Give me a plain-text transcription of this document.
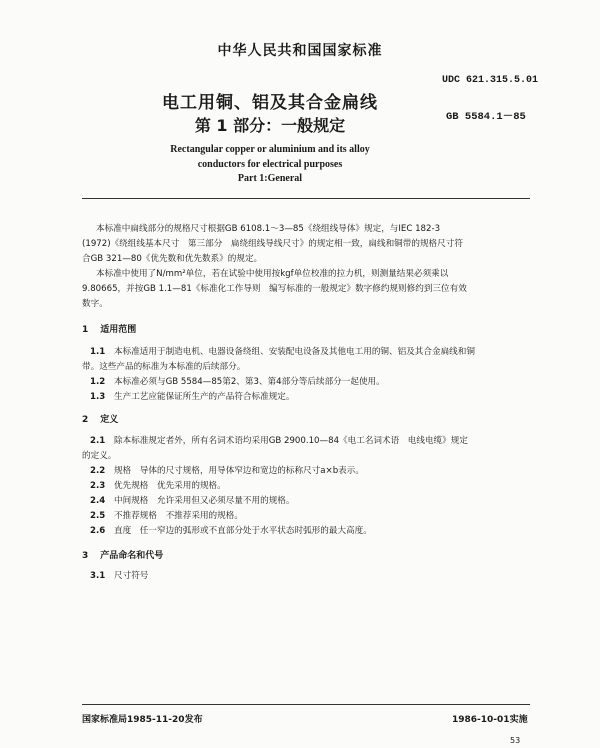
中华人民共和国国家标准
UDC 621.315.5.01
电工用铜、铝及其合金扁线
GB 5584.1－85
第 1 部分：一般规定
Rectangular copper or aluminium and its alloy
conductors for electrical purposes
Part 1:General
本标准中扁线部分的规格尺寸根据GB 6108.1～3—85《绕组线导体》规定，与IEC 182-3
(1972)《绕组线基本尺寸　第三部分　扁绕组线导线尺寸》的规定相一致，扁线和铜带的规格尺寸符
合GB 321—80《优先数和优先数系》的规定。
本标准中使用了N/mm²单位，若在试验中使用按kgf单位校准的拉力机，则测量结果必须乘以
9.80665，并按GB 1.1—81《标准化工作导则　编写标准的一般规定》数字修约规则修约到三位有效
数字。
1 适用范围
1.1 本标准适用于制造电机、电器设备绕组、安装配电设备及其他电工用的铜、铝及其合金扁线和铜
带。这些产品的标准为本标准的后续部分。
1.2 本标准必须与GB 5584—85第2、第3、第4部分等后续部分一起使用。
1.3 生产工艺应能保证所生产的产品符合标准规定。
2 定义
2.1 除本标准规定者外，所有名词术语均采用GB 2900.10—84《电工名词术语　电线电缆》规定
的定义。
2.2 规格　导体的尺寸规格，用导体窄边和宽边的标称尺寸a×b表示。
2.3 优先规格　优先采用的规格。
2.4 中间规格　允许采用但又必须尽量不用的规格。
2.5 不推荐规格　不推荐采用的规格。
2.6 直度　任一窄边的弧形或不直部分处于水平状态时弧形的最大高度。
3 产品命名和代号
3.1 尺寸符号
国家标准局1985-11-20发布	1986-10-01实施
53
